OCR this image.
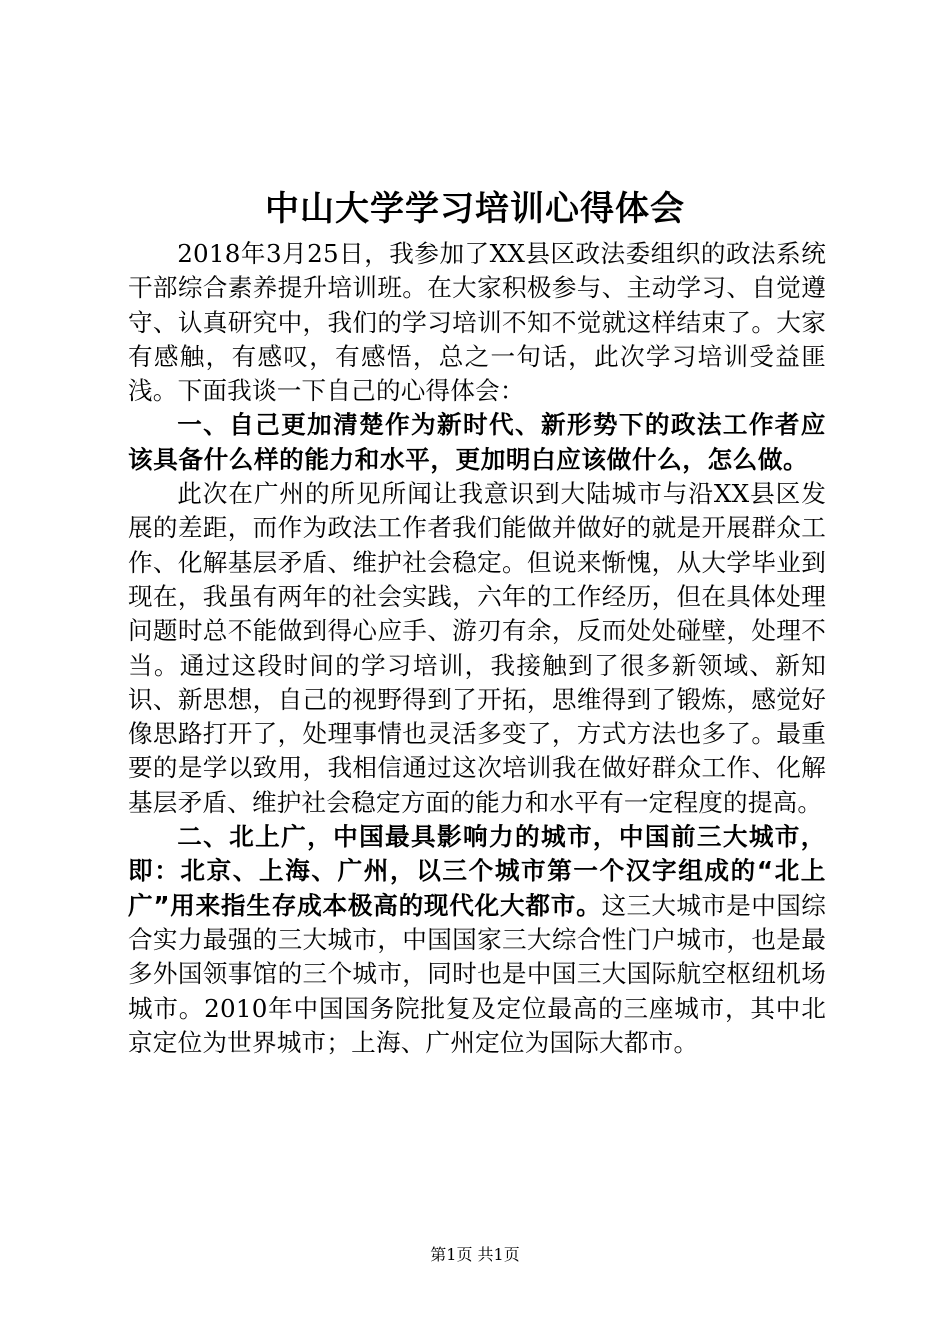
中山大学学习培训心得体会

2018年3月25日，我参加了XX县区政法委组织的政法系统干部综合素养提升培训班。在大家积极参与、主动学习、自觉遵守、认真研究中，我们的学习培训不知不觉就这样结束了。大家有感触，有感叹，有感悟，总之一句话，此次学习培训受益匪浅。下面我谈一下自己的心得体会：

一、自己更加清楚作为新时代、新形势下的政法工作者应该具备什么样的能力和水平，更加明白应该做什么，怎么做。

此次在广州的所见所闻让我意识到大陆城市与沿XX县区发展的差距，而作为政法工作者我们能做并做好的就是开展群众工作、化解基层矛盾、维护社会稳定。但说来惭愧，从大学毕业到现在，我虽有两年的社会实践，六年的工作经历，但在具体处理问题时总不能做到得心应手、游刃有余，反而处处碰壁，处理不当。通过这段时间的学习培训，我接触到了很多新领域、新知识、新思想，自己的视野得到了开拓，思维得到了锻炼，感觉好像思路打开了，处理事情也灵活多变了，方式方法也多了。最重要的是学以致用，我相信通过这次培训我在做好群众工作、化解基层矛盾、维护社会稳定方面的能力和水平有一定程度的提高。

二、北上广，中国最具影响力的城市，中国前三大城市，即：北京、上海、广州，以三个城市第一个汉字组成的“北上广”用来指生存成本极高的现代化大都市。这三大城市是中国综合实力最强的三大城市，中国国家三大综合性门户城市，也是最多外国领事馆的三个城市，同时也是中国三大国际航空枢纽机场城市。2010年中国国务院批复及定位最高的三座城市，其中北京定位为世界城市；上海、广州定位为国际大都市。

第1页 共1页
